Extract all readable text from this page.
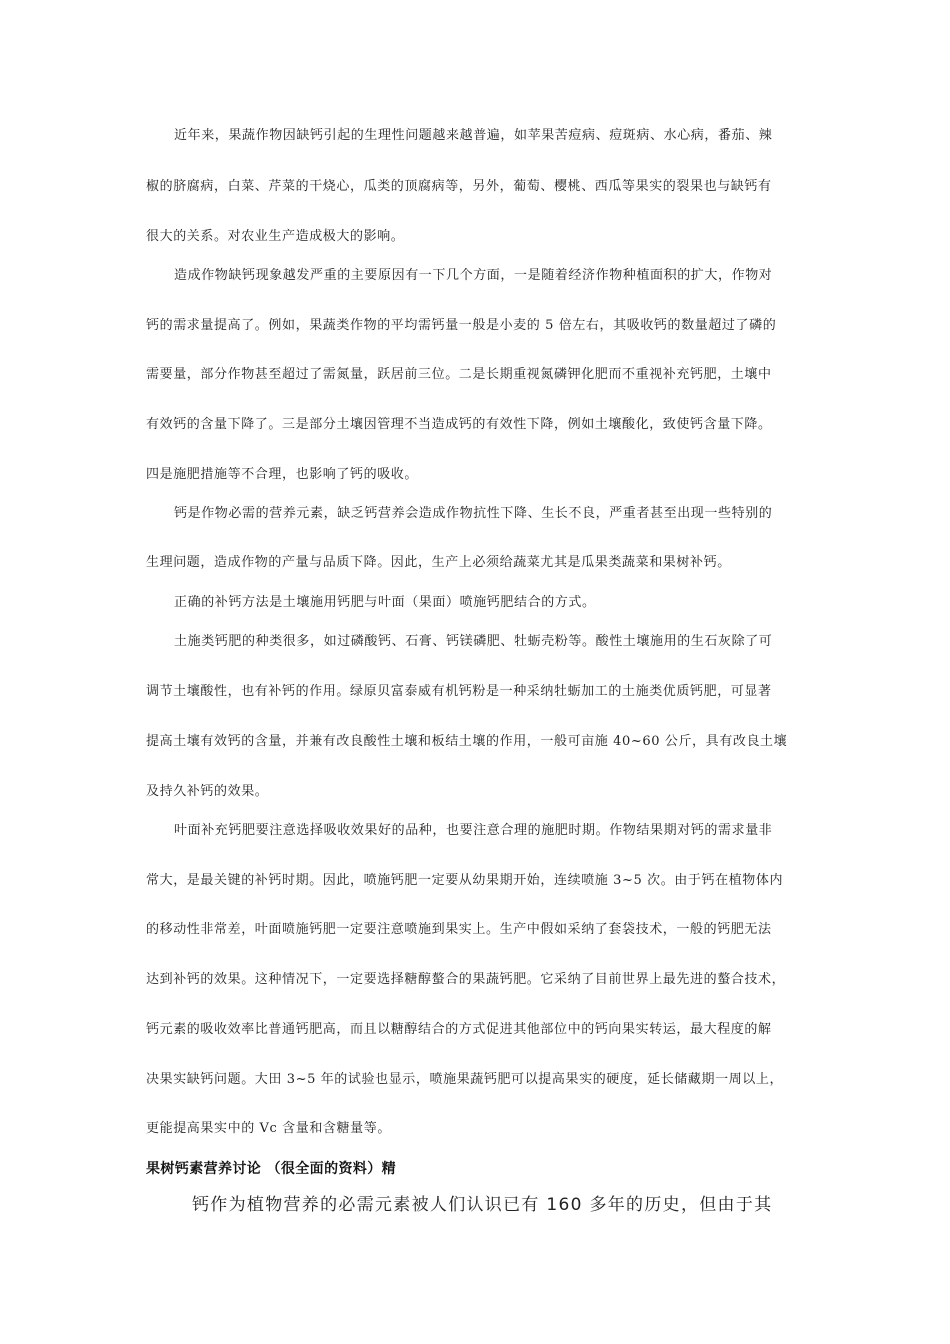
近年来，果蔬作物因缺钙引起的生理性问题越来越普遍，如苹果苦痘病、痘斑病、水心病，番茄、辣
椒的脐腐病，白菜、芹菜的干烧心，瓜类的顶腐病等，另外，葡萄、樱桃、西瓜等果实的裂果也与缺钙有
很大的关系。对农业生产造成极大的影响。
造成作物缺钙现象越发严重的主要原因有一下几个方面，一是随着经济作物种植面积的扩大，作物对
钙的需求量提高了。例如，果蔬类作物的平均需钙量一般是小麦的 5 倍左右，其吸收钙的数量超过了磷的
需要量，部分作物甚至超过了需氮量，跃居前三位。二是长期重视氮磷钾化肥而不重视补充钙肥，土壤中
有效钙的含量下降了。三是部分土壤因管理不当造成钙的有效性下降，例如土壤酸化，致使钙含量下降。
四是施肥措施等不合理，也影响了钙的吸收。
钙是作物必需的营养元素，缺乏钙营养会造成作物抗性下降、生长不良，严重者甚至出现一些特别的
生理问题，造成作物的产量与品质下降。因此，生产上必须给蔬菜尤其是瓜果类蔬菜和果树补钙。
正确的补钙方法是土壤施用钙肥与叶面（果面）喷施钙肥结合的方式。
土施类钙肥的种类很多，如过磷酸钙、石膏、钙镁磷肥、牡蛎壳粉等。酸性土壤施用的生石灰除了可
调节土壤酸性，也有补钙的作用。绿原贝富泰威有机钙粉是一种采纳牡蛎加工的土施类优质钙肥，可显著
提高土壤有效钙的含量，并兼有改良酸性土壤和板结土壤的作用，一般可亩施 40~60 公斤，具有改良土壤
及持久补钙的效果。
叶面补充钙肥要注意选择吸收效果好的品种，也要注意合理的施肥时期。作物结果期对钙的需求量非
常大，是最关键的补钙时期。因此，喷施钙肥一定要从幼果期开始，连续喷施 3~5 次。由于钙在植物体内
的移动性非常差，叶面喷施钙肥一定要注意喷施到果实上。生产中假如采纳了套袋技术，一般的钙肥无法
达到补钙的效果。这种情况下，一定要选择糖醇螯合的果蔬钙肥。它采纳了目前世界上最先进的螯合技术，
钙元素的吸收效率比普通钙肥高，而且以糖醇结合的方式促进其他部位中的钙向果实转运，最大程度的解
决果实缺钙问题。大田 3~5 年的试验也显示，喷施果蔬钙肥可以提高果实的硬度，延长储藏期一周以上，
更能提高果实中的 Vc 含量和含糖量等。
果树钙素营养讨论 （很全面的资料）精
钙作为植物营养的必需元素被人们认识已有 160 多年的历史，但由于其
